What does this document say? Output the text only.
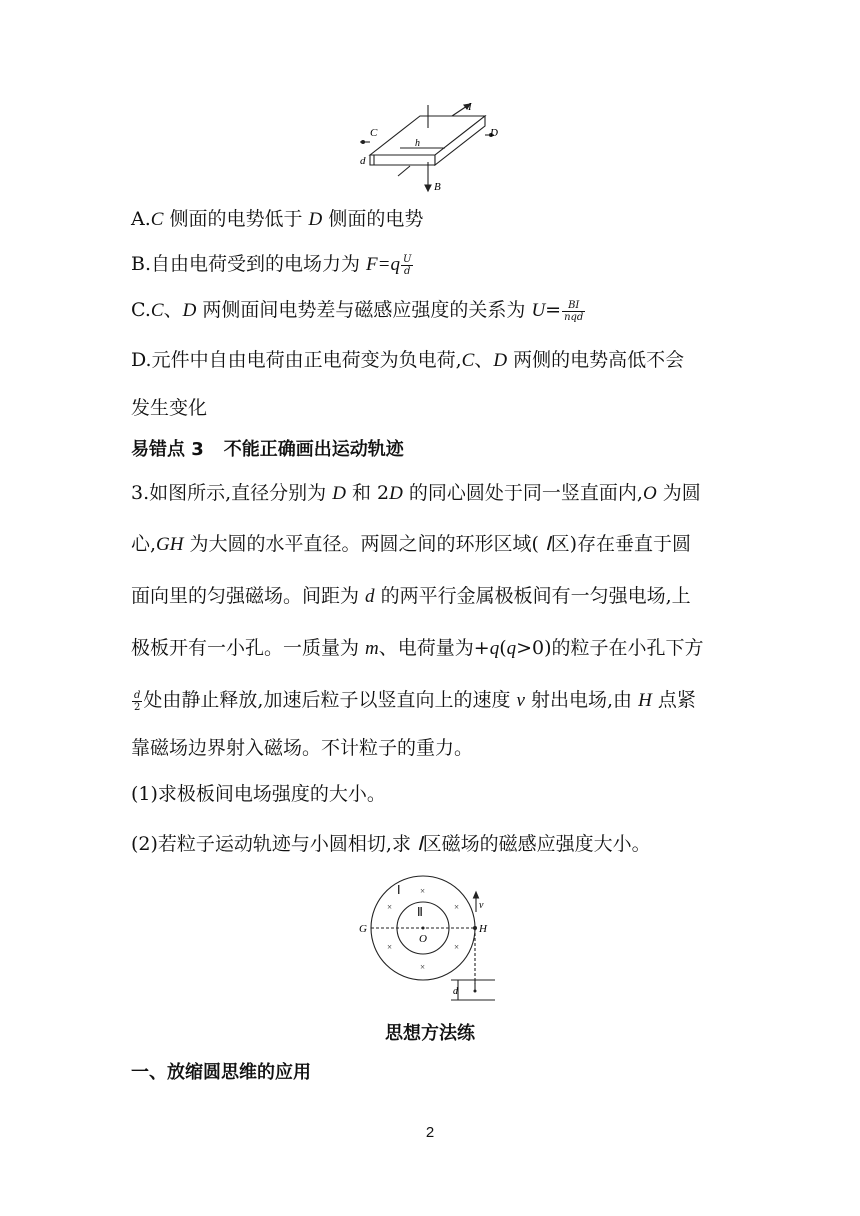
C	D
h
d
B
I
A.C 侧面的电势低于 D 侧面的电势
B.自由电荷受到的电场力为 $F=q \frac{U}{d}$
C.C、D 两侧面间电势差与磁感应强度的关系为 $U= \frac{BI}{\text{nqd}}$
D.元件中自由电荷由正电荷变为负电荷,C、D 两侧的电势高低不会
发生变化
易错点 3 不能正确画出运动轨迹
3.如图所示,直径分别为 D 和 2D 的同心圆处于同一竖直面内,O 为圆
心,GH 为大圆的水平直径。两圆之间的环形区域( Ⅰ区)存在垂直于圆
面向里的匀强磁场。间距为 d 的两平行金属极板间有一匀强电场,上
极板开有一小孔。一质量为 m、电荷量为+q(q>0)的粒子在小孔下方
$\frac{d}{2}$ 处由静止释放,加速后粒子以竖直向上的速度 v 射出电场,由 H 点紧
靠磁场边界射入磁场。不计粒子的重力。
(1)求极板间电场强度的大小。
(2)若粒子运动轨迹与小圆相切,求 Ⅰ区磁场的磁感应强度大小。
Ⅰ
Ⅱ
O
G	H
v
d
×
×	×
×	×
×
思想方法练
一、放缩圆思维的应用
2
